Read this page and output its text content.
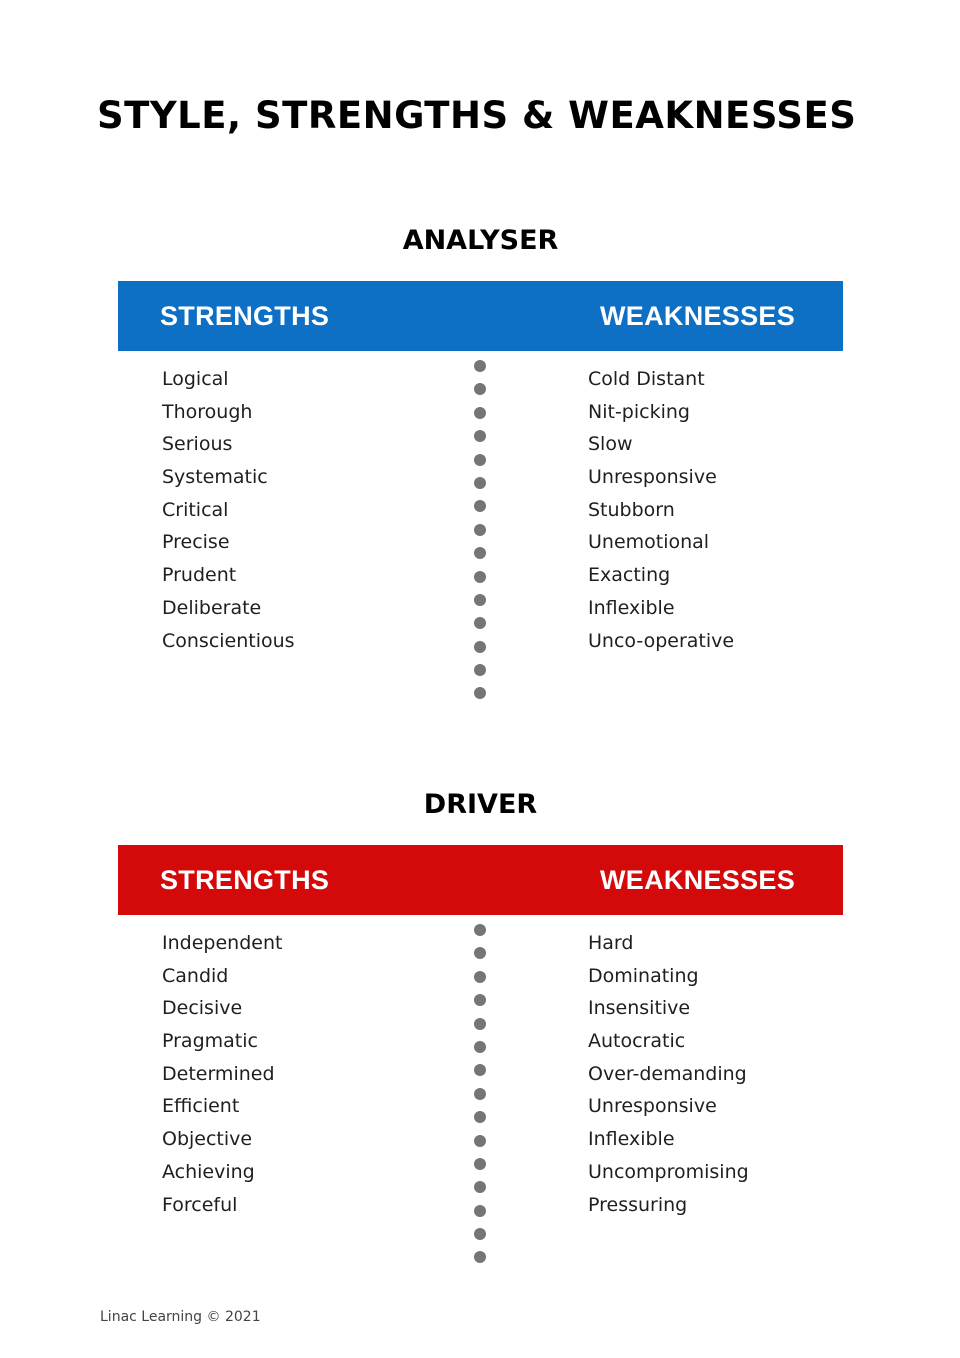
STYLE, STRENGTHS & WEAKNESSES
ANALYSER
STRENGTHS	WEAKNESSES
Logical
Thorough
Serious
Systematic
Critical
Precise
Prudent
Deliberate
Conscientious
Cold Distant
Nit-picking
Slow
Unresponsive
Stubborn
Unemotional
Exacting
Inflexible
Unco-operative
DRIVER
STRENGTHS	WEAKNESSES
Independent
Candid
Decisive
Pragmatic
Determined
Efficient
Objective
Achieving
Forceful
Hard
Dominating
Insensitive
Autocratic
Over-demanding
Unresponsive
Inflexible
Uncompromising
Pressuring
Linac Learning © 2021
